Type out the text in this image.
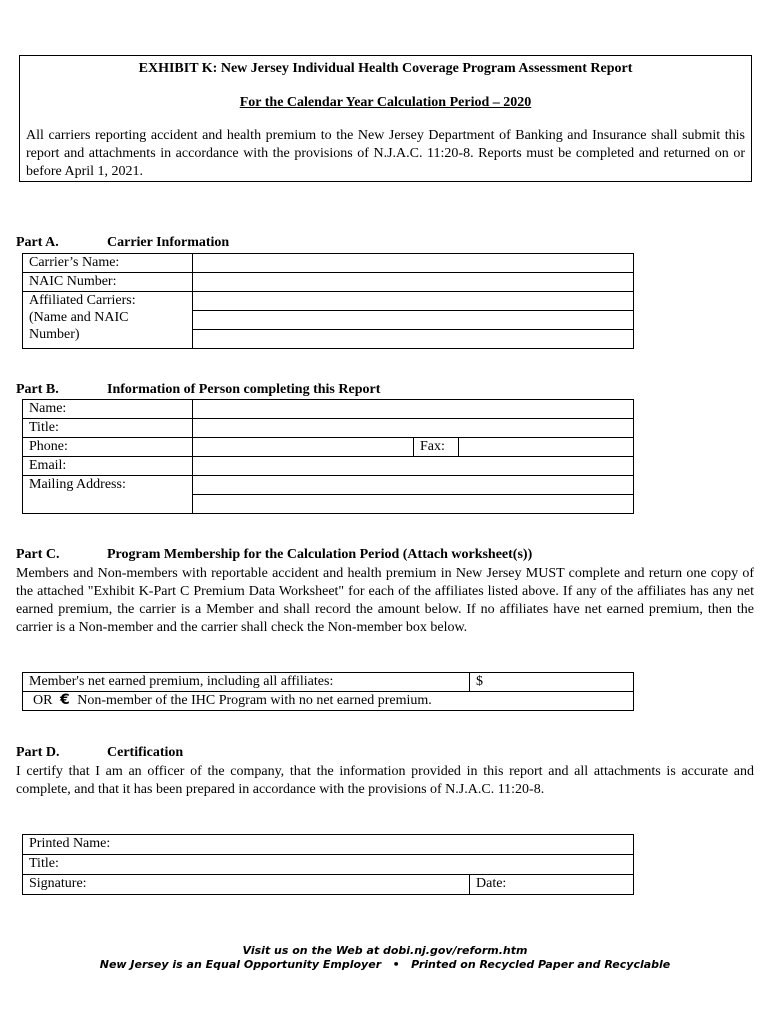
EXHIBIT K: New Jersey Individual Health Coverage Program Assessment Report
For the Calendar Year Calculation Period – 2020
All carriers reporting accident and health premium to the New Jersey Department of Banking and Insurance shall submit this report and attachments in accordance with the provisions of N.J.A.C. 11:20-8. Reports must be completed and returned on or before April 1, 2021.
Part A.	Carrier Information
Carrier’s Name:	
NAIC Number:	

Affiliated Carriers:
(Name and NAIC
Number)	

Part B.	Information of Person completing this Report
Name:			
Title:			
Phone:		Fax:	
Email:			
Mailing Address:			

Part C.	Program Membership for the Calculation Period (Attach worksheet(s))
Members and Non-members with reportable accident and health premium in New Jersey MUST complete and return one copy of the attached "Exhibit K-Part C Premium Data Worksheet" for each of the affiliates listed above. If any of the affiliates has any net earned premium, the carrier is a Member and shall record the amount below. If no affiliates have net earned premium, then the carrier is a Non-member and the carrier shall check the Non-member box below.
Member's net earned premium, including all affiliates:	$
OR € Non-member of the IHC Program with no net earned premium.
Part D.	Certification
I certify that I am an officer of the company, that the information provided in this report and all attachments is accurate and complete, and that it has been prepared in accordance with the provisions of N.J.A.C. 11:20-8.
Printed Name:
Title:
Signature:	Date:
Visit us on the Web at dobi.nj.gov/reform.htm
New Jersey is an Equal Opportunity Employer   •   Printed on Recycled Paper and Recyclable
